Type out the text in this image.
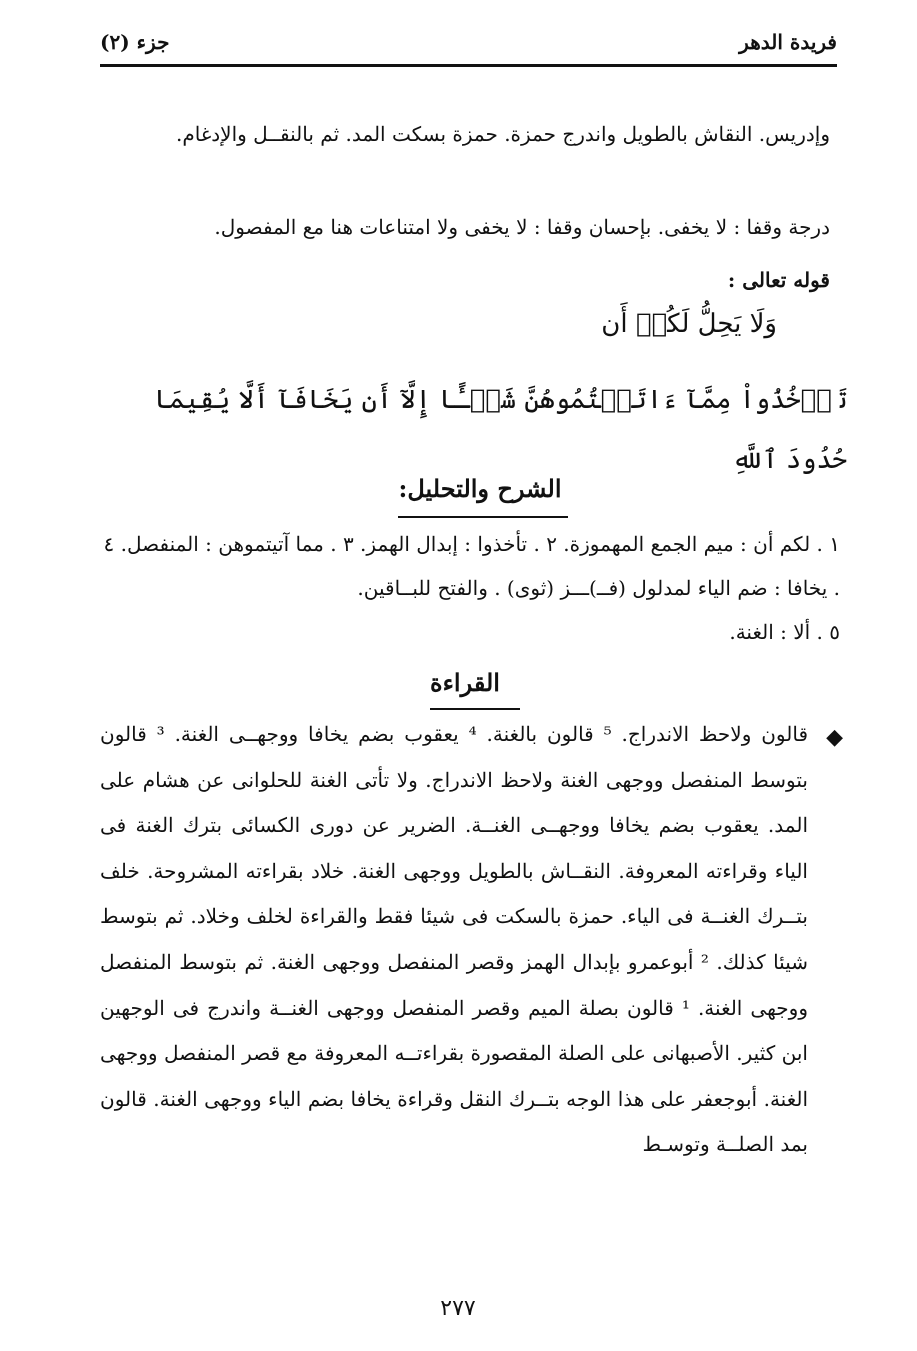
فريدة الدهر
جزء (٢)
وإدريس. النقاش بالطويل واندرج حمزة. حمزة بسكت المد. ثم بالنقــل والإدغام.
درجة وقفا : لا يخفى. بإحسان وقفا : لا يخفى ولا امتناعات هنا مع المفصول.
قوله تعالى :
وَلَا يَحِلُّ لَكُمۡ أَن
تَأۡخُذُواْ مِمَّآ ءَاتَيۡتُمُوهُنَّ شَيۡـًٔا إِلَّآ أَن يَخَافَآ أَلَّا يُقِيمَا حُدُودَ ٱللَّهِ
الشرح والتحليل:

١ . لكم أن : ميم الجمع المهموزة. ٢ . تأخذوا : إبدال الهمز. ٣ . مما آتيتموهن : المنفصل. ٤ . يخافا : ضم الياء لمدلول (فــ)ـــز (ثوى) . والفتح للبــاقين.

٥ . ألا : الغنة.

القراءة
◆
قالون ولاحظ الاندراج. ⁵ قالون بالغنة. ⁴ يعقوب بضم يخافا ووجهــى الغنة. ³ قالون بتوسط المنفصل ووجهى الغنة ولاحظ الاندراج. ولا تأتى الغنة للحلوانى عن هشام على المد. يعقوب بضم يخافا ووجهــى الغنــة. الضرير عن دورى الكسائى بترك الغنة فى الياء وقراءته المعروفة. النقــاش بالطويل ووجهى الغنة. خلاد بقراءته المشروحة. خلف بتــرك الغنــة فى الياء. حمزة بالسكت فى شيئا فقط والقراءة لخلف وخلاد. ثم بتوسط شيئا كذلك. ² أبوعمرو بإبدال الهمز وقصر المنفصل ووجهى الغنة. ثم بتوسط المنفصل ووجهى الغنة. ¹ قالون بصلة الميم وقصر المنفصل ووجهى الغنــة واندرج فى الوجهين ابن كثير. الأصبهانى على الصلة المقصورة بقراءتــه المعروفة مع قصر المنفصل ووجهى الغنة. أبوجعفر على هذا الوجه بتــرك النقل وقراءة يخافا بضم الياء ووجهى الغنة. قالون بمد الصلــة وتوسـط
٢٧٧
